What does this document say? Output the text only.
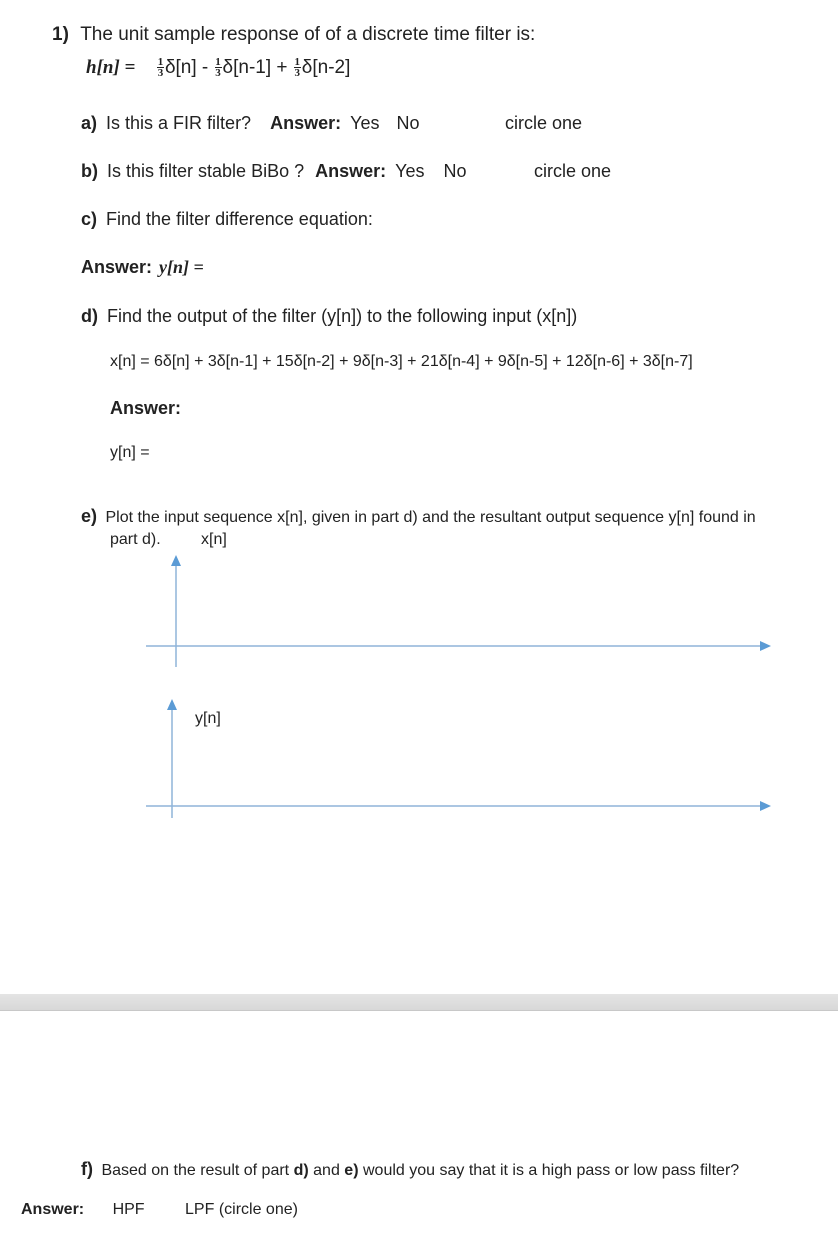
1) The unit sample response of of a discrete time filter is:
$h[n] = \frac{1}{3} \delta[n] - \frac{1}{3} \delta[n-1] + \frac{1}{3} \delta[n-2]$
a) Is this a FIR filter? Answer: Yes No	circle one
b) Is this filter stable BiBo ? Answer: Yes No	circle one
c) Find the filter difference equation:
Answer: y[n] =
d) Find the output of the filter (y[n]) to the following input (x[n])
x[n] = 6δ[n] + 3δ[n-1] + 15δ[n-2] + 9δ[n-3] + 21δ[n-4] + 9δ[n-5] + 12δ[n-6] + 3δ[n-7]
Answer:
y[n] =
e) Plot the input sequence x[n], given in part d) and the resultant output sequence y[n] found in
part d).	x[n]
y[n]
f) Based on the result of part d) and e) would you say that it is a high pass or low pass filter?
Answer: HPF	LPF (circle one)
